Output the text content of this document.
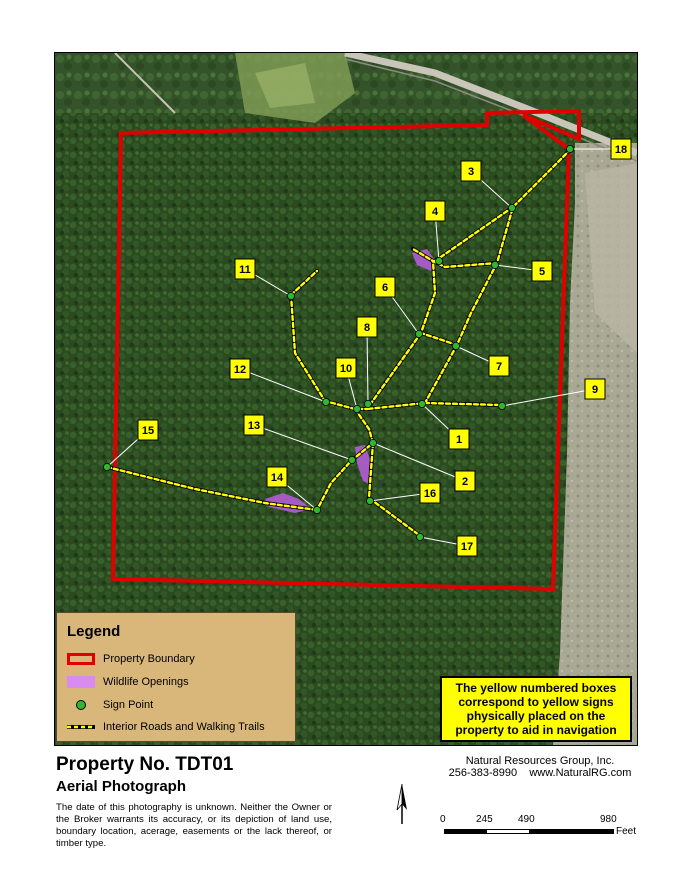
1
2
3
4
5
6
7
8
9
10
11
12
13
14
15
16
17
18
Legend
Property Boundary
Wildlife Openings
Sign Point
Interior Roads and Walking Trails
The yellow numbered boxes
correspond to yellow signs
physically placed on the
property to aid in navigation
Property No. TDT01
Aerial Photograph
The date of this photography is unknown. Neither the Owner or the Broker warrants its accuracy, or its depiction of land use, boundary location, acerage, easements or the lack thereof, or timber type.
Natural Resources Group, Inc.
256-383-8990    www.NaturalRG.com
0	245	490	980
Feet
